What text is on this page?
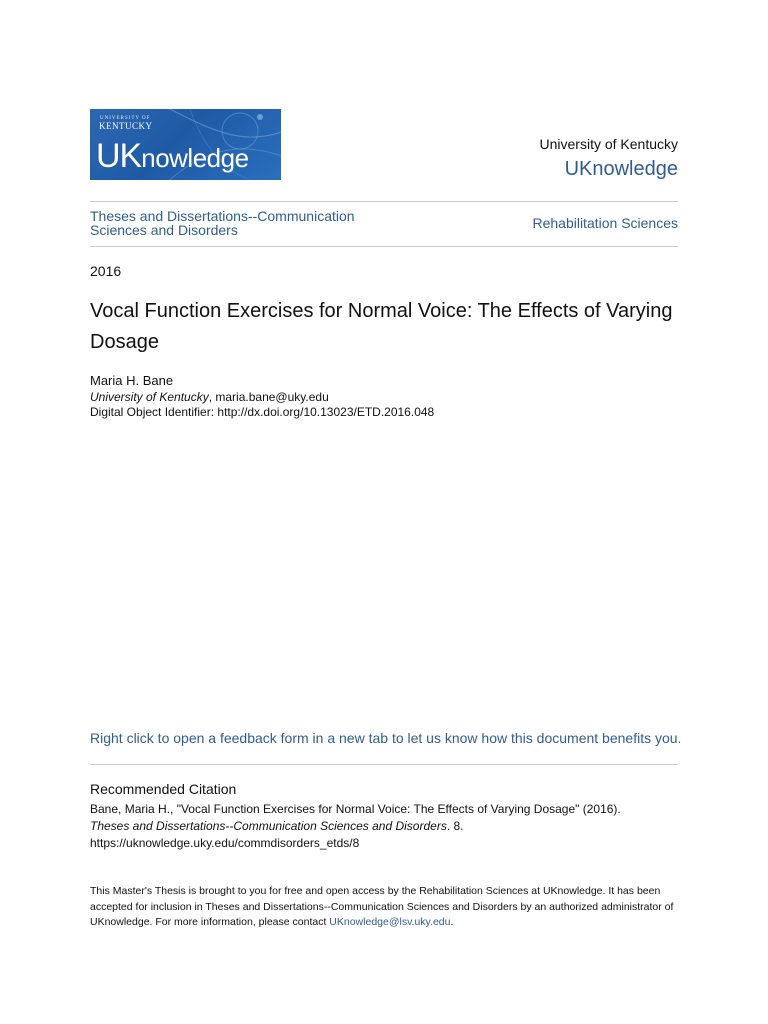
UNIVERSITY OF
KENTUCKY
UKnowledge	University of Kentucky
UKnowledge
Theses and Dissertations--Communication Sciences and Disorders	Rehabilitation Sciences
2016
Vocal Function Exercises for Normal Voice: The Effects of Varying Dosage
Maria H. Bane
University of Kentucky, maria.bane@uky.edu
Digital Object Identifier: http://dx.doi.org/10.13023/ETD.2016.048
Right click to open a feedback form in a new tab to let us know how this document benefits you.
Recommended Citation
Bane, Maria H., "Vocal Function Exercises for Normal Voice: The Effects of Varying Dosage" (2016).
Theses and Dissertations--Communication Sciences and Disorders. 8.
https://uknowledge.uky.edu/commdisorders_etds/8
This Master's Thesis is brought to you for free and open access by the Rehabilitation Sciences at UKnowledge. It has been accepted for inclusion in Theses and Dissertations--Communication Sciences and Disorders by an authorized administrator of UKnowledge. For more information, please contact UKnowledge@lsv.uky.edu.
